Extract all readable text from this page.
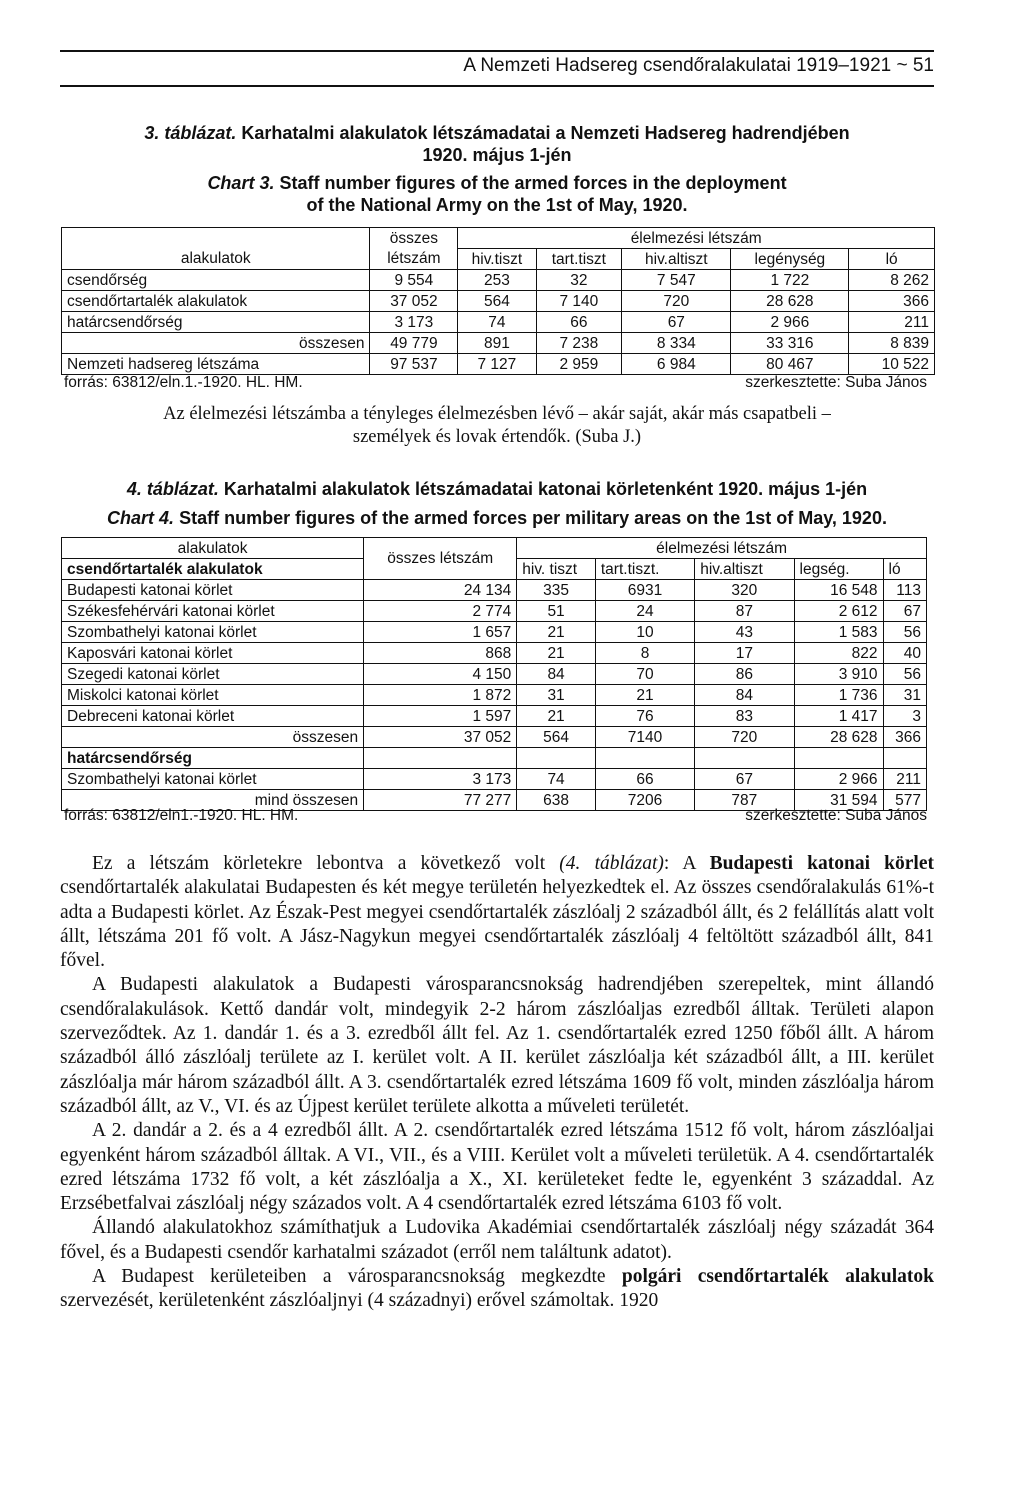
A Nemzeti Hadsereg csendőralakulatai 1919–1921 ~ 51
3. táblázat. Karhatalmi alakulatok létszámadatai a Nemzeti Hadsereg hadrendjében
1920. május 1-jén
Chart 3. Staff number figures of the armed forces in the deployment
of the National Army on the 1st of May, 1920.
	összes	élelmezési létszám				
alakulatok	létszám	hiv.tiszt	tart.tiszt	hiv.altiszt	legénység	ló
csendőrség	9 554	253	32	7 547	1 722	8 262
csendőrtartalék alakulatok	37 052	564	7 140	720	28 628	366
határcsendőrség	3 173	74	66	67	2 966	211
összesen	49 779	891	7 238	8 334	33 316	8 839
Nemzeti hadsereg létszáma	97 537	7 127	2 959	6 984	80 467	10 522
forrás: 63812/eln.1.-1920. HL. HM.	szerkesztette: Suba János
Az élelmezési létszámba a tényleges élelmezésben lévő – akár saját, akár más csapatbeli –
személyek és lovak értendők. (Suba J.)
4. táblázat. Karhatalmi alakulatok létszámadatai katonai körletenként 1920. május 1-jén
Chart 4. Staff number figures of the armed forces per military areas on the 1st of May, 1920.
alakulatok	összes létszám	élelmezési létszám				
csendőrtartalék alakulatok		hiv. tiszt	tart.tiszt.	hiv.altiszt	legség.	ló
Budapesti katonai körlet	24 134	335	6931	320	16 548	113
Székesfehérvári katonai körlet	2 774	51	24	87	2 612	67
Szombathelyi katonai körlet	1 657	21	10	43	1 583	56
Kaposvári katonai körlet	868	21	8	17	822	40
Szegedi katonai körlet	4 150	84	70	86	3 910	56
Miskolci katonai körlet	1 872	31	21	84	1 736	31
Debreceni katonai körlet	1 597	21	76	83	1 417	3
összesen	37 052	564	7140	720	28 628	366
határcsendőrség						
Szombathelyi katonai körlet	3 173	74	66	67	2 966	211
mind összesen	77 277	638	7206	787	31 594	577
forrás: 63812/eln1.-1920. HL. HM.	szerkesztette: Suba János

Ez a létszám körletekre lebontva a következő volt (4. táblázat): A Budapesti katonai körlet csendőrtartalék alakulatai Budapesten és két megye területén helyezkedtek el. Az összes csendőralakulás 61%-t adta a Budapesti körlet. Az Észak-Pest megyei csendőrtartalék zászlóalj 2 századból állt, és 2 felállítás alatt volt állt, létszáma 201 fő volt. A Jász-Nagykun megyei csendőrtartalék zászlóalj 4 feltöltött századból állt, 841 fővel.

A Budapesti alakulatok a Budapesti városparancsnokság hadrendjében szerepeltek, mint állandó csendőralakulások. Kettő dandár volt, mindegyik 2-2 három zászlóaljas ezredből álltak. Területi alapon szerveződtek. Az 1. dandár 1. és a 3. ezredből állt fel. Az 1. csendőrtartalék ezred 1250 főből állt. A három századból álló zászlóalj területe az I. kerület volt. A II. kerület zászlóalja két századból állt, a III. kerület zászlóalja már három századból állt. A 3. csendőrtartalék ezred létszáma 1609 fő volt, minden zászlóalja három századból állt, az V., VI. és az Újpest kerület területe alkotta a műveleti területét.

A 2. dandár a 2. és a 4 ezredből állt. A 2. csendőrtartalék ezred létszáma 1512 fő volt, három zászlóaljai egyenként három századból álltak. A VI., VII., és a VIII. Kerület volt a műveleti területük. A 4. csendőrtartalék ezred létszáma 1732 fő volt, a két zászlóalja a X., XI. kerületeket fedte le, egyenként 3 századdal. Az Erzsébetfalvai zászlóalj négy százados volt. A 4 csendőrtartalék ezred létszáma 6103 fő volt.

Állandó alakulatokhoz számíthatjuk a Ludovika Akadémiai csendőrtartalék zászlóalj négy századát 364 fővel, és a Budapesti csendőr karhatalmi századot (erről nem találtunk adatot).

A Budapest kerületeiben a városparancsnokság megkezdte polgári csendőrtartalék alakulatok szervezését, kerületenként zászlóaljnyi (4 századnyi) erővel számoltak. 1920
